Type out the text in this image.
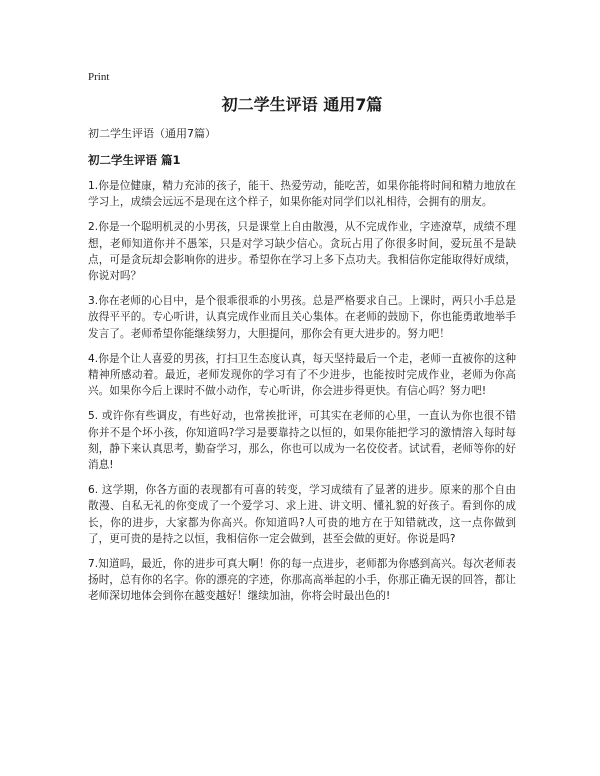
Print
初二学生评语 通用7篇
初二学生评语（通用7篇）
初二学生评语 篇1
1.你是位健康，精力充沛的孩子，能干、热爱劳动，能吃苦，如果你能将时间和精力地放在学习上，成绩会远远不是现在这个样子，如果你能对同学们以礼相待，会拥有的朋友。
2.你是一个聪明机灵的小男孩，只是课堂上自由散漫，从不完成作业，字迹潦草，成绩不理想，老师知道你并不愚笨，只是对学习缺少信心。贪玩占用了你很多时间，爱玩虽不是缺点，可是贪玩却会影响你的进步。希望你在学习上多下点功夫。我相信你定能取得好成绩，你说对吗？
3.你在老师的心目中，是个很乖很乖的小男孩。总是严格要求自己。上课时，两只小手总是放得平平的。专心听讲，认真完成作业而且关心集体。在老师的鼓励下，你也能勇敢地举手发言了。老师希望你能继续努力，大胆提问，那你会有更大进步的。努力吧！
4.你是个让人喜爱的男孩，打扫卫生态度认真，每天坚持最后一个走，老师一直被你的这种精神所感动着。最近，老师发现你的学习有了不少进步，也能按时完成作业，老师为你高兴。如果你今后上课时不做小动作，专心听讲，你会进步得更快。有信心吗？努力吧!
5. 或许你有些调皮，有些好动，也常挨批评，可其实在老师的心里，一直认为你也很不错你并不是个坏小孩，你知道吗?学习是要靠持之以恒的，如果你能把学习的激情溶入每时每刻，静下来认真思考，勤奋学习，那么，你也可以成为一名佼佼者。试试看，老师等你的好消息!
6. 这学期，你各方面的表现都有可喜的转变，学习成绩有了显著的进步。原来的那个自由散漫、自私无礼的你变成了一个爱学习、求上进、讲文明、懂礼貌的好孩子。看到你的成长，你的进步，大家都为你高兴。你知道吗?人可贵的地方在于知错就改，这一点你做到了，更可贵的是持之以恒，我相信你一定会做到，甚至会做的更好。你说是吗?
7.知道吗，最近，你的进步可真大啊！你的每一点进步，老师都为你感到高兴。每次老师表扬时，总有你的名字。你的漂亮的字迹，你那高高举起的小手，你那正确无误的回答，都让老师深切地体会到你在越变越好！继续加油，你将会时最出色的!
